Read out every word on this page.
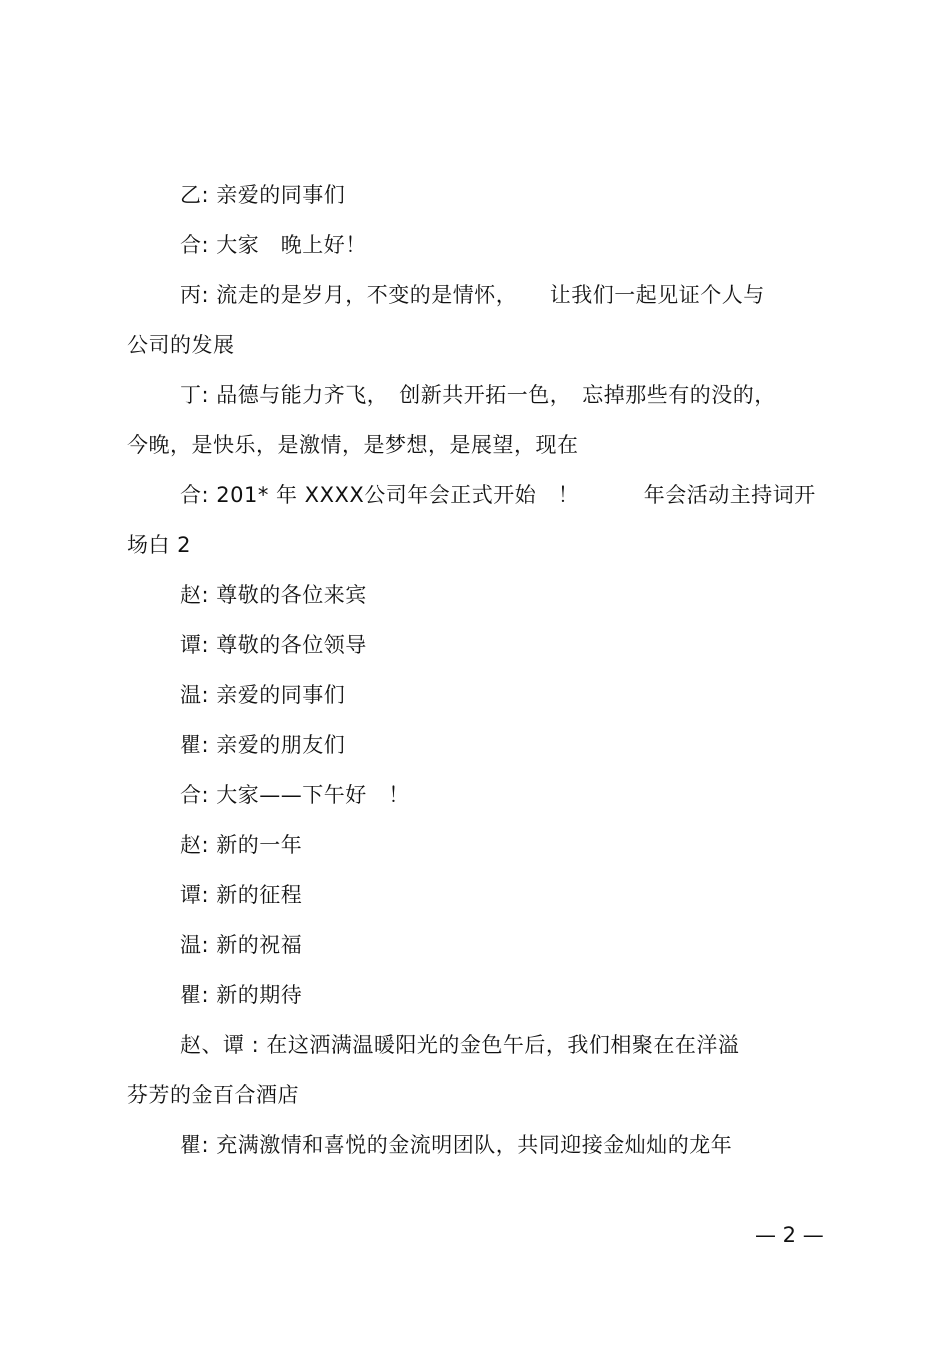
乙: 亲爱的同事们
合: 大家　晚上好！
丙: 流走的是岁月，不变的是情怀，　　让我们一起见证个人与
公司的发展
丁: 品德与能力齐飞，　创新共开拓一色，　忘掉那些有的没的，
今晚，是快乐，是激情，是梦想，是展望，现在
合: 201* 年 XXXX公司年会正式开始　！　　　年会活动主持词开
场白 2
赵: 尊敬的各位来宾
谭: 尊敬的各位领导
温: 亲爱的同事们
瞿: 亲爱的朋友们
合: 大家——下午好　！
赵: 新的一年
谭: 新的征程
温: 新的祝福
瞿: 新的期待
赵、谭 : 在这洒满温暖阳光的金色午后，我们相聚在在洋溢
芬芳的金百合酒店
瞿: 充满激情和喜悦的金流明团队，共同迎接金灿灿的龙年
— 2 —
